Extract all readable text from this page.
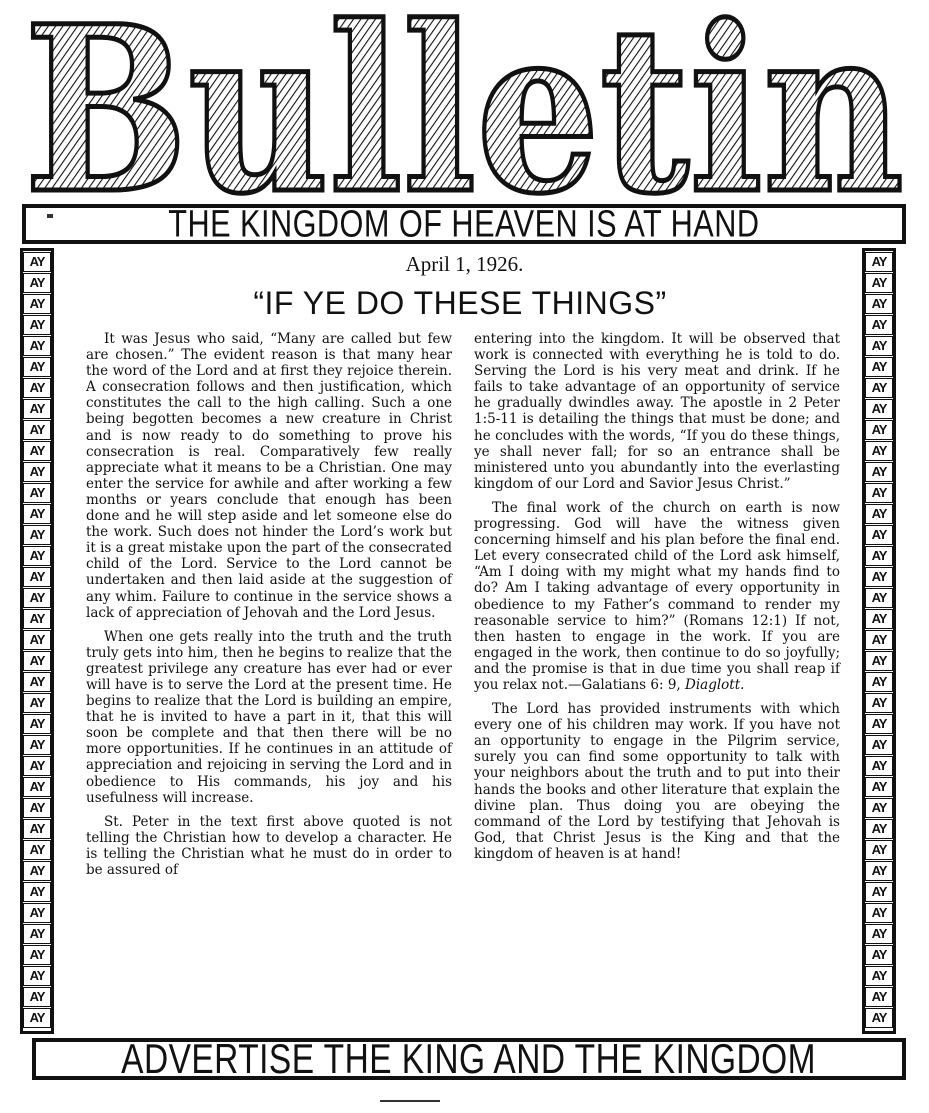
Bulletin
THE KINGDOM OF HEAVEN IS AT HAND
AY
AY
AY
AY
AY
AY
AY
AY
AY
AY
AY
AY
AY
AY
AY
AY
AY
AY
AY
AY
AY
AY
AY
AY
AY
AY
AY
AY
AY
AY
AY
AY
AY
AY
AY
AY
AY
AY
AY
AY
AY
AY
AY
AY
AY
AY
AY
AY
AY
AY
AY
AY
AY
AY
AY
AY
AY
AY
AY
AY
AY
AY
AY
AY
AY
AY
AY
AY
AY
AY
AY
AY
AY
AY
April 1, 1926.
“IF YE DO THESE THINGS”

It was Jesus who said, “Many are called but few are chosen.” The evident reason is that many hear the word of the Lord and at first they rejoice therein. A consecration follows and then justification, which constitutes the call to the high calling. Such a one being begotten becomes a new creature in Christ and is now ready to do something to prove his consecration is real. Comparatively few really appreciate what it means to be a Christian. One may enter the service for awhile and after working a few months or years conclude that enough has been done and he will step aside and let someone else do the work. Such does not hinder the Lord’s work but it is a great mistake upon the part of the consecrated child of the Lord. Service to the Lord cannot be undertaken and then laid aside at the suggestion of any whim. Failure to continue in the service shows a lack of appreciation of Jehovah and the Lord Jesus.

When one gets really into the truth and the truth truly gets into him, then he begins to realize that the greatest privilege any creature has ever had or ever will have is to serve the Lord at the present time. He begins to realize that the Lord is building an empire, that he is invited to have a part in it, that this will soon be complete and that then there will be no more opportunities. If he continues in an attitude of appreciation and rejoicing in serving the Lord and in obedience to His commands, his joy and his usefulness will increase.

St. Peter in the text first above quoted is not telling the Christian how to develop a character. He is telling the Christian what he must do in order to be assured of

entering into the kingdom. It will be observed that work is connected with everything he is told to do. Serving the Lord is his very meat and drink. If he fails to take advantage of an opportunity of service he gradually dwindles away. The apostle in 2 Peter 1:5-11 is detailing the things that must be done; and he concludes with the words, “If you do these things, ye shall never fall; for so an entrance shall be ministered unto you abundantly into the everlasting kingdom of our Lord and Savior Jesus Christ.”

The final work of the church on earth is now progressing. God will have the witness given concerning himself and his plan before the final end. Let every consecrated child of the Lord ask himself, “Am I doing with my might what my hands find to do? Am I taking advantage of every opportunity in obedience to my Father’s command to render my reasonable service to him?” (Romans 12:1) If not, then hasten to engage in the work. If you are engaged in the work, then continue to do so joyfully; and the promise is that in due time you shall reap if you relax not.—Galatians 6: 9, Diaglott.

The Lord has provided instruments with which every one of his children may work. If you have not an opportunity to engage in the Pilgrim service, surely you can find some opportunity to talk with your neighbors about the truth and to put into their hands the books and other literature that explain the divine plan. Thus doing you are obeying the command of the Lord by testifying that Jehovah is God, that Christ Jesus is the King and that the kingdom of heaven is at hand!

ADVERTISE THE KING AND THE KINGDOM
